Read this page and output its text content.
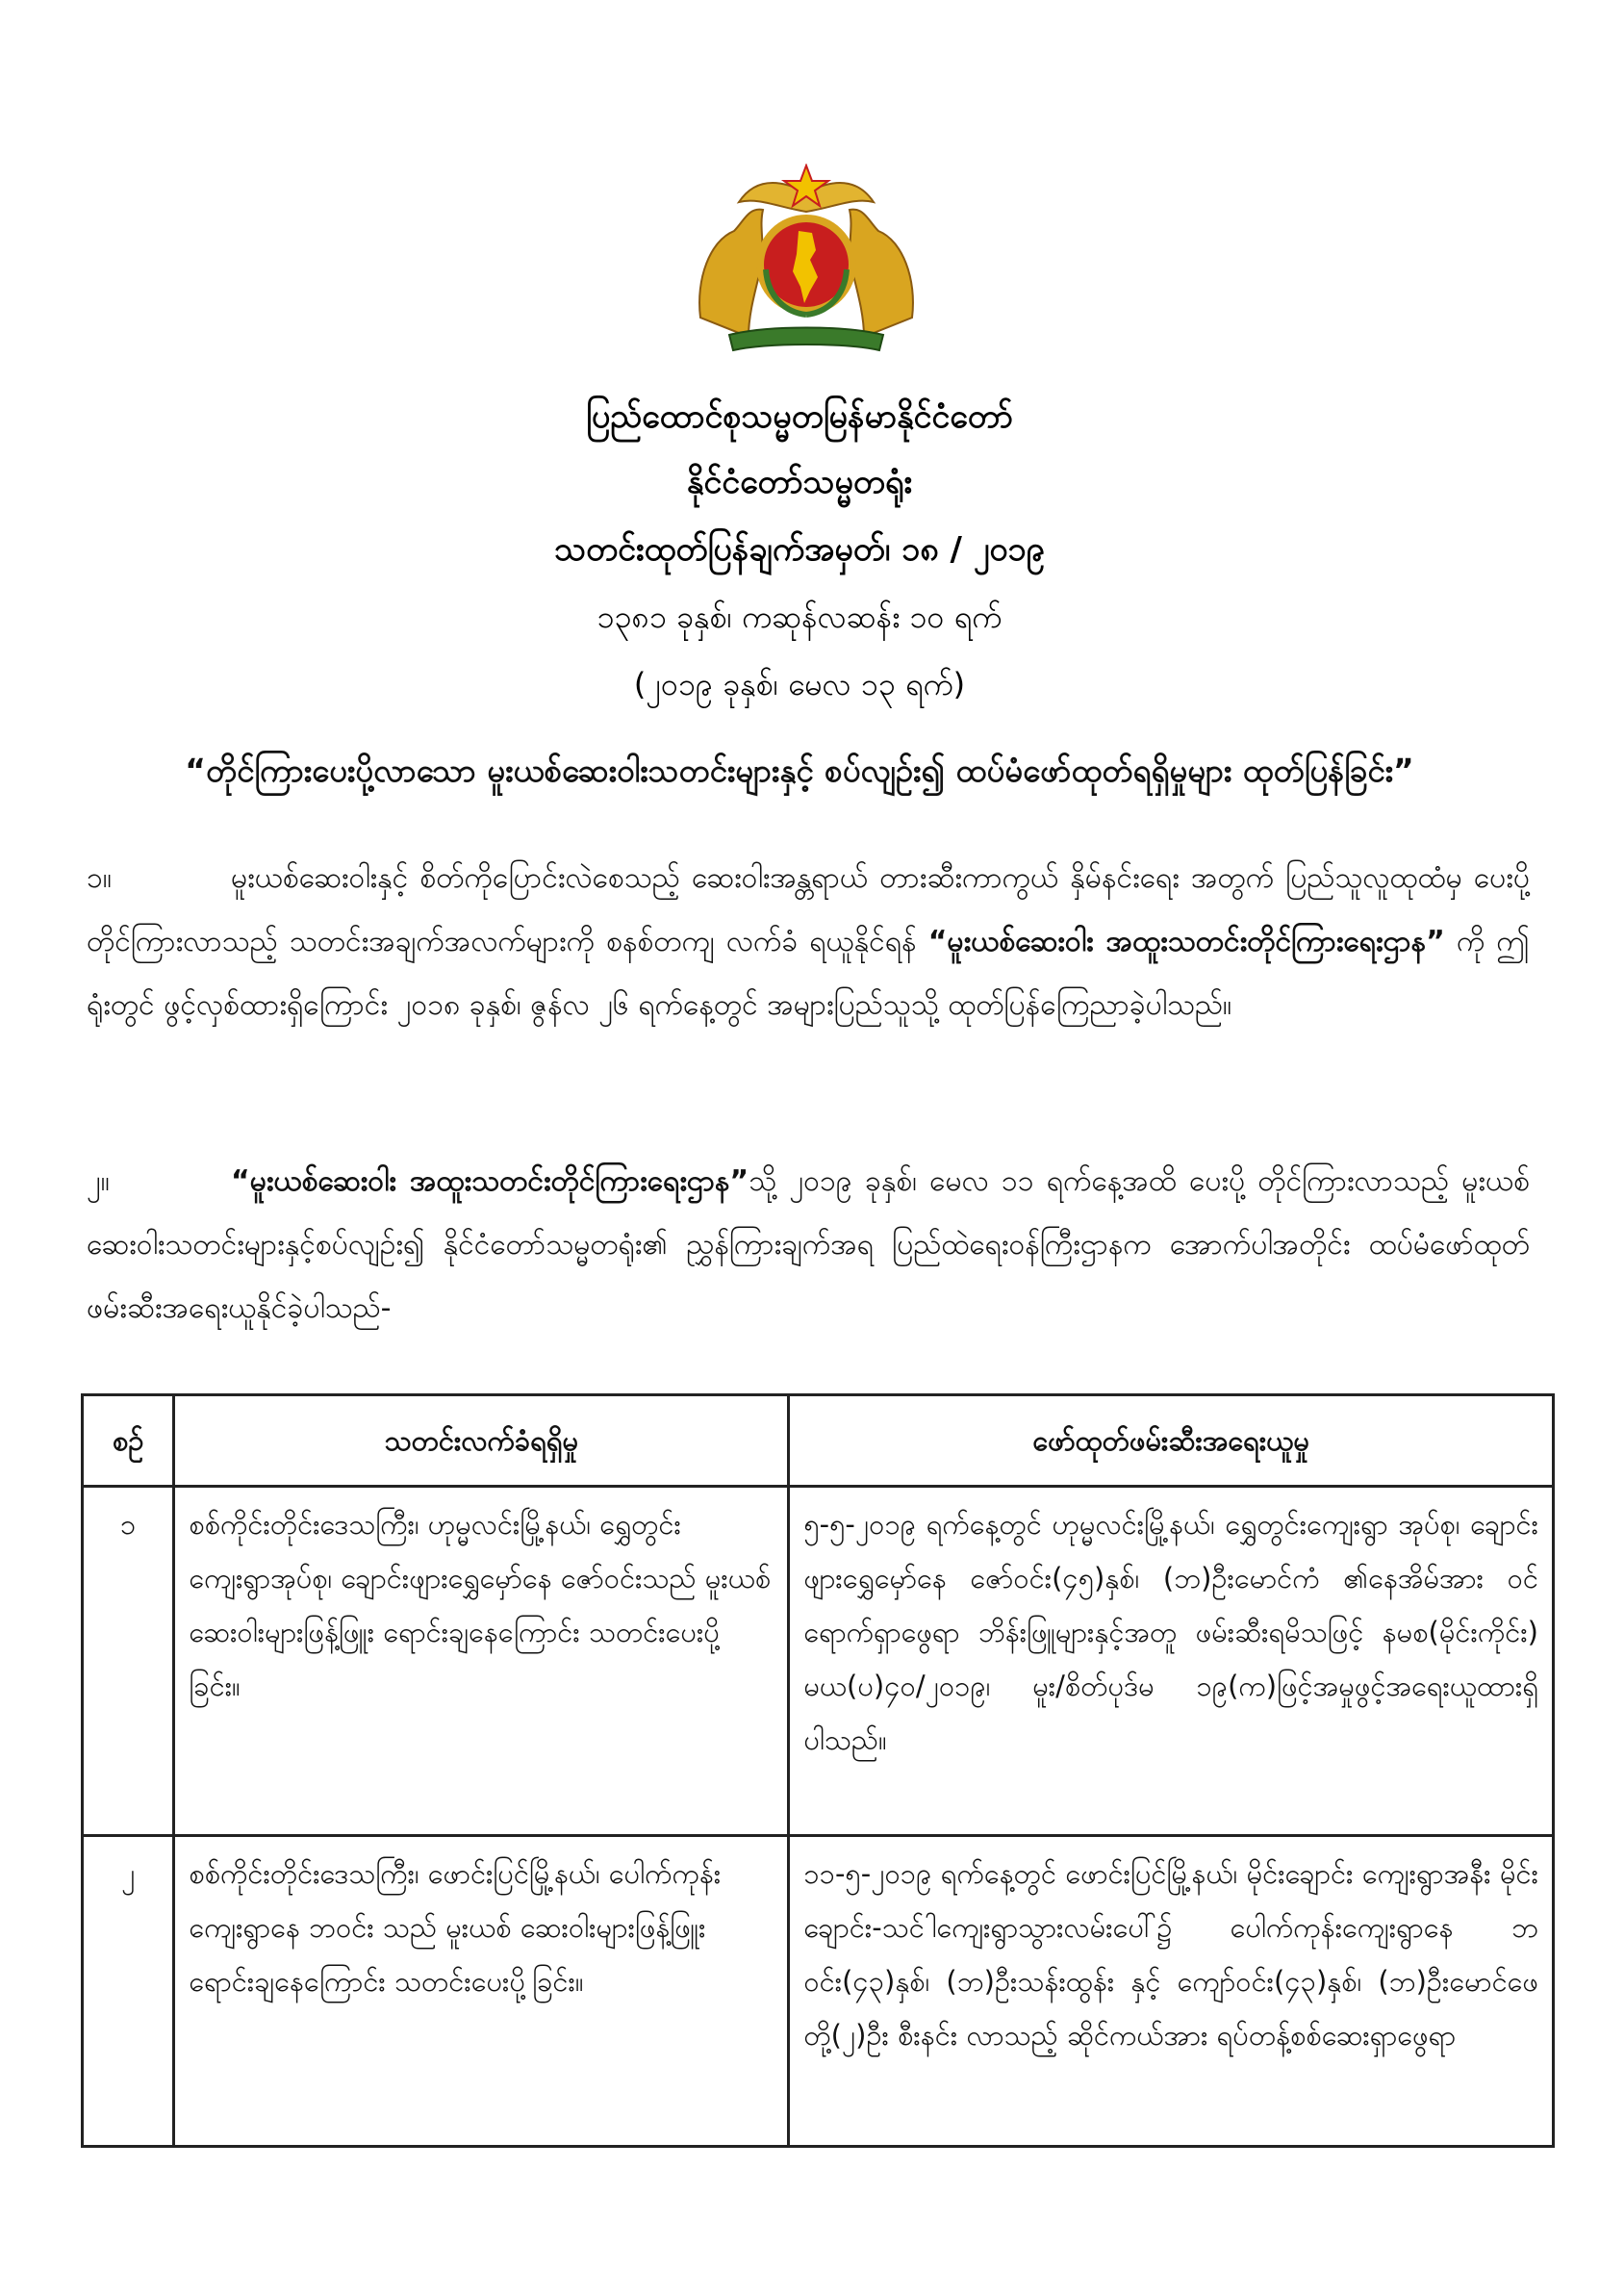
ပြည်ထောင်စုသမ္မတမြန်မာနိုင်ငံတော်
နိုင်ငံတော်သမ္မတရုံး
သတင်းထုတ်ပြန်ချက်အမှတ်၊ ၁၈ / ၂၀၁၉
၁၃၈၁ ခုနှစ်၊ ကဆုန်လဆန်း ၁၀ ရက်
(၂၀၁၉ ခုနှစ်၊ မေလ ၁၃ ရက်)
“တိုင်ကြားပေးပို့လာသော မူးယစ်ဆေးဝါးသတင်းများနှင့် စပ်လျဉ်း၍ ထပ်မံဖော်ထုတ်ရရှိမှုများ ထုတ်ပြန်ခြင်း”
၁။	မူးယစ်ဆေးဝါးနှင့် စိတ်ကိုပြောင်းလဲစေသည့် ဆေးဝါးအန္တရာယ် တားဆီးကာကွယ် နှိမ်နင်းရေး အတွက် ပြည်သူလူထုထံမှ ပေးပို့တိုင်ကြားလာသည့် သတင်းအချက်အလက်များကို စနစ်တကျ လက်ခံ ရယူနိုင်ရန် “မူးယစ်ဆေးဝါး အထူးသတင်းတိုင်ကြားရေးဌာန” ကို ဤရုံးတွင် ဖွင့်လှစ်ထားရှိကြောင်း ၂၀၁၈ ခုနှစ်၊ ဇွန်လ ၂၆ ရက်နေ့တွင် အများပြည်သူသို့ ထုတ်ပြန်ကြေညာခဲ့ပါသည်။
၂။	“မူးယစ်ဆေးဝါး အထူးသတင်းတိုင်ကြားရေးဌာန”သို့ ၂၀၁၉ ခုနှစ်၊ မေလ ၁၁ ရက်နေ့အထိ ပေးပို့ တိုင်ကြားလာသည့် မူးယစ်ဆေးဝါးသတင်းများနှင့်စပ်လျဉ်း၍ နိုင်ငံတော်သမ္မတရုံး၏ ညွှန်ကြားချက်အရ ပြည်ထဲရေးဝန်ကြီးဌာနက အောက်ပါအတိုင်း ထပ်မံဖော်ထုတ်ဖမ်းဆီးအရေးယူနိုင်ခဲ့ပါသည်-
စဉ်	သတင်းလက်ခံရရှိမှု	ဖော်ထုတ်ဖမ်းဆီးအရေးယူမှု
၁	စစ်ကိုင်းတိုင်းဒေသကြီး၊ ဟုမ္မလင်းမြို့နယ်၊ ရွှေတွင်းကျေးရွာအုပ်စု၊ ချောင်းဖျားရွှေမှော်နေ ဇော်ဝင်းသည် မူးယစ်ဆေးဝါးများဖြန့်ဖြူး ရောင်းချနေကြောင်း သတင်းပေးပို့ခြင်း။	၅-၅-၂၀၁၉ ရက်နေ့တွင် ဟုမ္မလင်းမြို့နယ်၊ ရွှေတွင်းကျေးရွာ အုပ်စု၊ ချောင်းဖျားရွှေမှော်နေ ဇော်ဝင်း(၄၅)နှစ်၊ (ဘ)ဦးမောင်ကံ ၏နေအိမ်အား ဝင်ရောက်ရှာဖွေရာ ဘိန်းဖြူများနှင့်အတူ ဖမ်းဆီးရမိသဖြင့် နမစ(မိုင်းကိုင်း) မယ(ပ)၄၀/၂၀၁၉၊ မူး/စိတ်ပုဒ်မ ၁၉(က)ဖြင့်အမှုဖွင့်အရေးယူထားရှိပါသည်။
၂	စစ်ကိုင်းတိုင်းဒေသကြီး၊ ဖောင်းပြင်မြို့နယ်၊ ပေါက်ကုန်းကျေးရွာနေ ဘဝင်း သည် မူးယစ် ဆေးဝါးများဖြန့်ဖြူးရောင်းချနေကြောင်း သတင်းပေးပို့ခြင်း။	၁၁-၅-၂၀၁၉ ရက်နေ့တွင် ဖောင်းပြင်မြို့နယ်၊ မိုင်းချောင်း ကျေးရွာအနီး မိုင်းချောင်း-သင်ါကျေးရွာသွားလမ်းပေါ်၌ ပေါက်ကုန်းကျေးရွာနေ ဘဝင်း(၄၃)နှစ်၊ (ဘ)ဦးသန်းထွန်း နှင့် ကျော်ဝင်း(၄၃)နှစ်၊ (ဘ)ဦးမောင်ဖေတို့(၂)ဦး စီးနင်း လာသည့် ဆိုင်ကယ်အား ရပ်တန့်စစ်ဆေးရှာဖွေရာ
